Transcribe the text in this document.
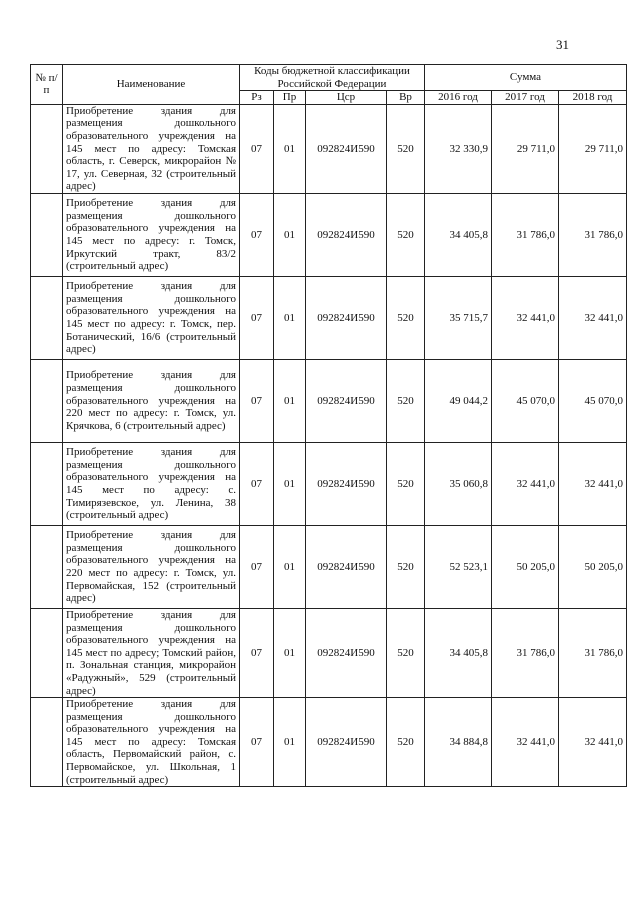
31
№ п/п	Наименование	Коды бюджетной классификации Российской Федерации				Сумма		
		Рз	Пр	Цср	Вр	2016 год	2017 год	2018 год
	Приобретение здания для размещения дошкольного образовательного учреждения на 145 мест по адресу: Томская область, г. Северск, микрорайон № 17, ул. Северная, 32 (строительный адрес)	07	01	092824И590	520	32 330,9	29 711,0	29 711,0
	Приобретение здания для размещения дошкольного образовательного учреждения на 145 мест по адресу: г. Томск, Иркутский тракт, 83/2 (строительный адрес)	07	01	092824И590	520	34 405,8	31 786,0	31 786,0
	Приобретение здания для размещения дошкольного образовательного учреждения на 145 мест по адресу: г. Томск, пер. Ботанический, 16/6 (строительный адрес)	07	01	092824И590	520	35 715,7	32 441,0	32 441,0
	Приобретение здания для размещения дошкольного образовательного учреждения на 220 мест по адресу: г. Томск, ул. Крячкова, 6 (строительный адрес)	07	01	092824И590	520	49 044,2	45 070,0	45 070,0
	Приобретение здания для размещения дошкольного образовательного учреждения на 145 мест по адресу: с. Тимирязевское, ул. Ленина, 38 (строительный адрес)	07	01	092824И590	520	35 060,8	32 441,0	32 441,0
	Приобретение здания для размещения дошкольного образовательного учреждения на 220 мест по адресу: г. Томск, ул. Первомайская, 152 (строительный адрес)	07	01	092824И590	520	52 523,1	50 205,0	50 205,0
	Приобретение здания для размещения дошкольного образовательного учреждения на 145 мест по адресу; Томский район, п. Зональная станция, микрорайон «Радужный», 529 (строительный адрес)	07	01	092824И590	520	34 405,8	31 786,0	31 786,0
	Приобретение здания для размещения дошкольного образовательного учреждения на 145 мест по адресу: Томская область, Первомайский район, с. Первомайское, ул. Школьная, 1 (строительный адрес)	07	01	092824И590	520	34 884,8	32 441,0	32 441,0
